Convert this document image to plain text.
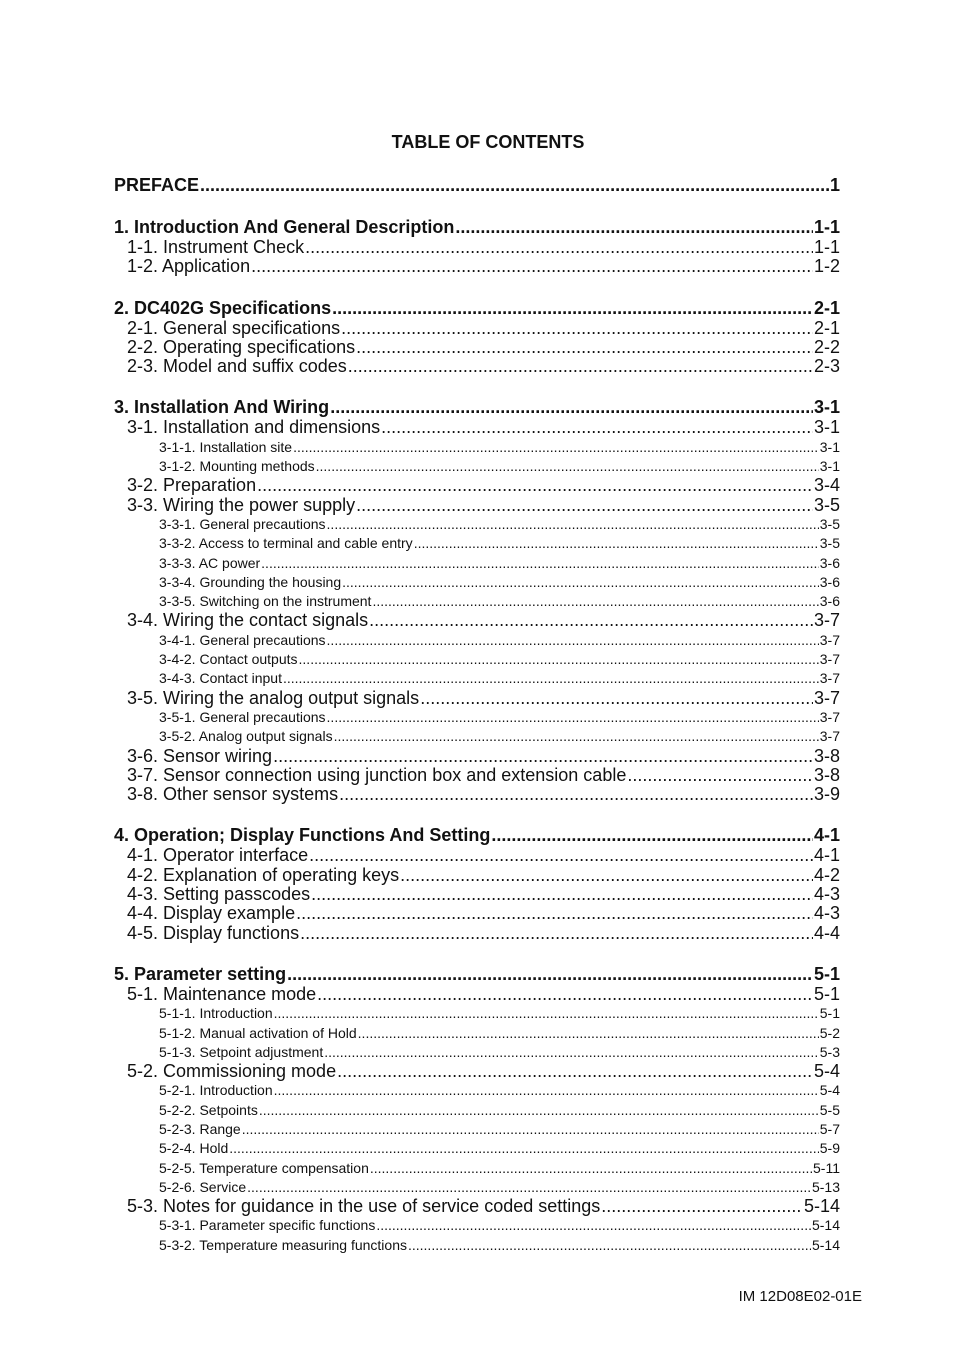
TABLE OF CONTENTS
PREFACE .....	1
1. Introduction And General Description .....	1-1
1-1. Instrument Check .....	1-1
1-2. Application .....	1-2
2. DC402G Specifications .....	2-1
2-1. General specifications .....	2-1
2-2. Operating specifications .....	2-2
2-3. Model and suffix codes .....	2-3
3. Installation And Wiring .....	3-1
3-1. Installation and dimensions .....	3-1
3-1-1. Installation site .....	3-1
3-1-2. Mounting methods .....	3-1
3-2. Preparation .....	3-4
3-3. Wiring the power supply .....	3-5
3-3-1. General precautions .....	3-5
3-3-2. Access to terminal and cable entry .....	3-5
3-3-3. AC power .....	3-6
3-3-4. Grounding the housing .....	3-6
3-3-5. Switching on the instrument .....	3-6
3-4. Wiring the contact signals .....	3-7
3-4-1. General precautions .....	3-7
3-4-2. Contact outputs .....	3-7
3-4-3. Contact input .....	3-7
3-5. Wiring the analog output signals .....	3-7
3-5-1. General precautions .....	3-7
3-5-2. Analog output signals .....	3-7
3-6. Sensor wiring .....	3-8
3-7. Sensor connection using junction box and extension cable .....	3-8
3-8. Other sensor systems .....	3-9
4. Operation; Display Functions And Setting .....	4-1
4-1. Operator interface .....	4-1
4-2. Explanation of operating keys .....	4-2
4-3. Setting passcodes .....	4-3
4-4. Display example .....	4-3
4-5. Display functions .....	4-4
5. Parameter setting .....	5-1
5-1. Maintenance mode .....	5-1
5-1-1. Introduction .....	5-1
5-1-2. Manual activation of Hold .....	5-2
5-1-3. Setpoint adjustment .....	5-3
5-2. Commissioning mode .....	5-4
5-2-1. Introduction .....	5-4
5-2-2. Setpoints .....	5-5
5-2-3. Range .....	5-7
5-2-4. Hold .....	5-9
5-2-5. Temperature compensation .....	5-11
5-2-6. Service .....	5-13
5-3. Notes for guidance in the use of service coded settings .....	5-14
5-3-1. Parameter specific functions .....	5-14
5-3-2. Temperature measuring functions .....	5-14
IM 12D08E02-01E
